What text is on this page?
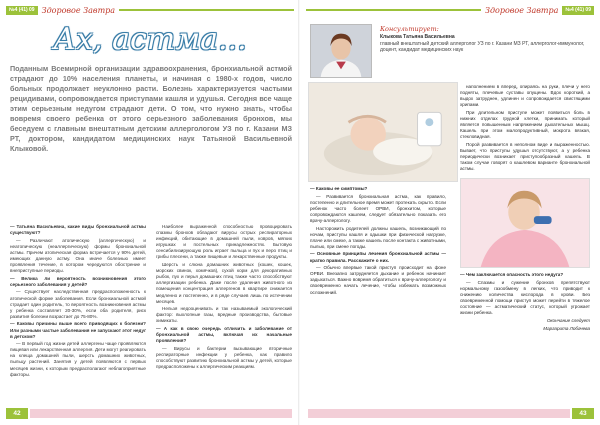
№4 (41) 09 Здоровое Завтра
Ах, астма...
Поданным Всемирной организации здравоохранения, бронхиальной астмой страдают до 10% населения планеты, и начиная с 1980-х годов, число больных продолжает неуклонно расти. Болезнь характеризуется частыми рецидивами, сопровождается приступами кашля и удушья. Сегодня все чаще этим серьезным недугом страдают дети. О том, что нужно знать, чтобы вовремя своего ребенка от этого серьезного заболевания бронхов, мы беседуем с главным внештатным детским аллергологом УЗ по г. Казани МЗ РТ, доктором, кандидатом медицинских наук Татьяной Васильевной Клыковой.

— Татьяна Васильевна, какие виды бронхиальной астмы существуют?

— Различают атопическую (аллергическую) и неатопическую (неаллергическую) формы бронхиальной астмы. Причем атопическая форма встречается у 90% детей, имеющих данную астму. Она иначе болезнью имеет проявления течение, в котором чередуются обострение и внеприступные периоды.

— Велика ли вероятность возникновения этого серьезного заболевания у детей?

— Существует наследственная предрасположенность к атопической форме заболевания. Если бронхиальной астмой страдает один родитель, то вероятность возникновения астмы у ребенка составляет 20-30%, если оба родителя, риск развития болезни возрастает до 75-80%.

— Каковы причины выше всего приводящих к болезни? Или разными частые заболевания не запускают этот недуг в детском?

— В первый год жизни детей аллергены чаще проявляются пищевая или лекарственная аллергия. Дети могут реагировать на клеща домашней пыли, шерсть домашних животных, пыльцу растений. Занятия у детей появляются с первых месяцев жизни, к которым предрасполагают неблагоприятные факторы.

Наиболее выраженной способностью провоцировать спазмы бронхов обладают вирусы острых респираторных инфекций, обитающие в домашней пыли, ковров, мягких игрушках и постельных принадлежностях. Бытовую сенсибилизирующую роль играет пыльца и пух и перо птиц и грибы плесени, а также пищевые и лекарственные продукты.

Шерсть и слюна домашних животных (кошек, кошек, морских свинок, хомячков), сухой корм для декоративных рыбок, пух и перья домашних птиц также часто способствуют аллергизации ребенка. Даже после удаления животного из помещения концентрация аллергенов в квартире снижается медленно и постепенно, и в ряде случаев лишь по истечении месяцев.

Нельзя недооценивать и так называемый экологический фактор: выхлопные газы, вредные производства, бытовые химикаты.

— А как в свою очередь отличить и заболевание от бронхиальной астмы, включая их начальные проявления?

— Вирусы и бактерии вызывающие вторичные респираторные инфекции у ребенка, как правило способствуют развитию бронхиальной астмы у детей, которые предрасположены к аллергическим реакциям.

42
Здоровое Завтра	№4 (41) 09
Консультирует:
Клыкова Татьяна Васильевна
главный внештатный детский аллерголог УЗ по г. Казани МЗ РТ, аллерголог-иммунолог, доцент, кандидат медицинских наук

— Каковы ее симптомы?

— Развивается бронхиальная астма, как правило, постепенно и длительное время может протекать скрыто. Если ребенок часто болеет ОРВИ, бронхитом, которые сопровождаются кашлем, следует обязательно показать его врачу-аллергологу.

Насторожить родителей должны кашель, возникающий по ночам, приступы кашля и одышки при физической нагрузке, плаче или смехе, а также кашель после контакта с животными, пылью, при смене погоды.

— Основные принципы лечения бронхиальной астмы — кратко правила. Расскажите о них.

— Обычно впервые такой приступ происходит на фоне ОРВИ. Внезапно затрудняется дыхание и ребенок начинает задыхаться. Важно вовремя обратиться к врачу-аллергологу и своевременно начать лечение, чтобы избежать возможных осложнений.

наполнением в вперед, опираясь на руки, плечи у него подняты, плечевые суставы опущены. Вдох короткий, а выдох затруднен, удлинен и сопровождается свистящими хрипами.

При длительном приступе может появиться боль в нижних отделах грудной клетки, принимать который является повышенным напряжением дыхательных мышц. Кашель при этом малопродуктивный, мокрота вязкая, стекловидная.

Порой развивается в неполном виде и выраженностью. Бывает, что приступы удушья отсутствуют, а у ребенка периодически возникает приступообразный кашель. В таком случае говорят о кашлевом варианте бронхиальной астмы.

— Чем заключается опасность этого недуга?

— Спазмы и сужение бронхов препятствуют нормальному газообмену в легких, что приводит к снижению количества кислорода в крови. Без своевременной помощи приступ может перейти в тяжелое состояние — астматический статус, который угрожает жизни ребенка.

Окончание следует
Маргарита Лобачева
43
